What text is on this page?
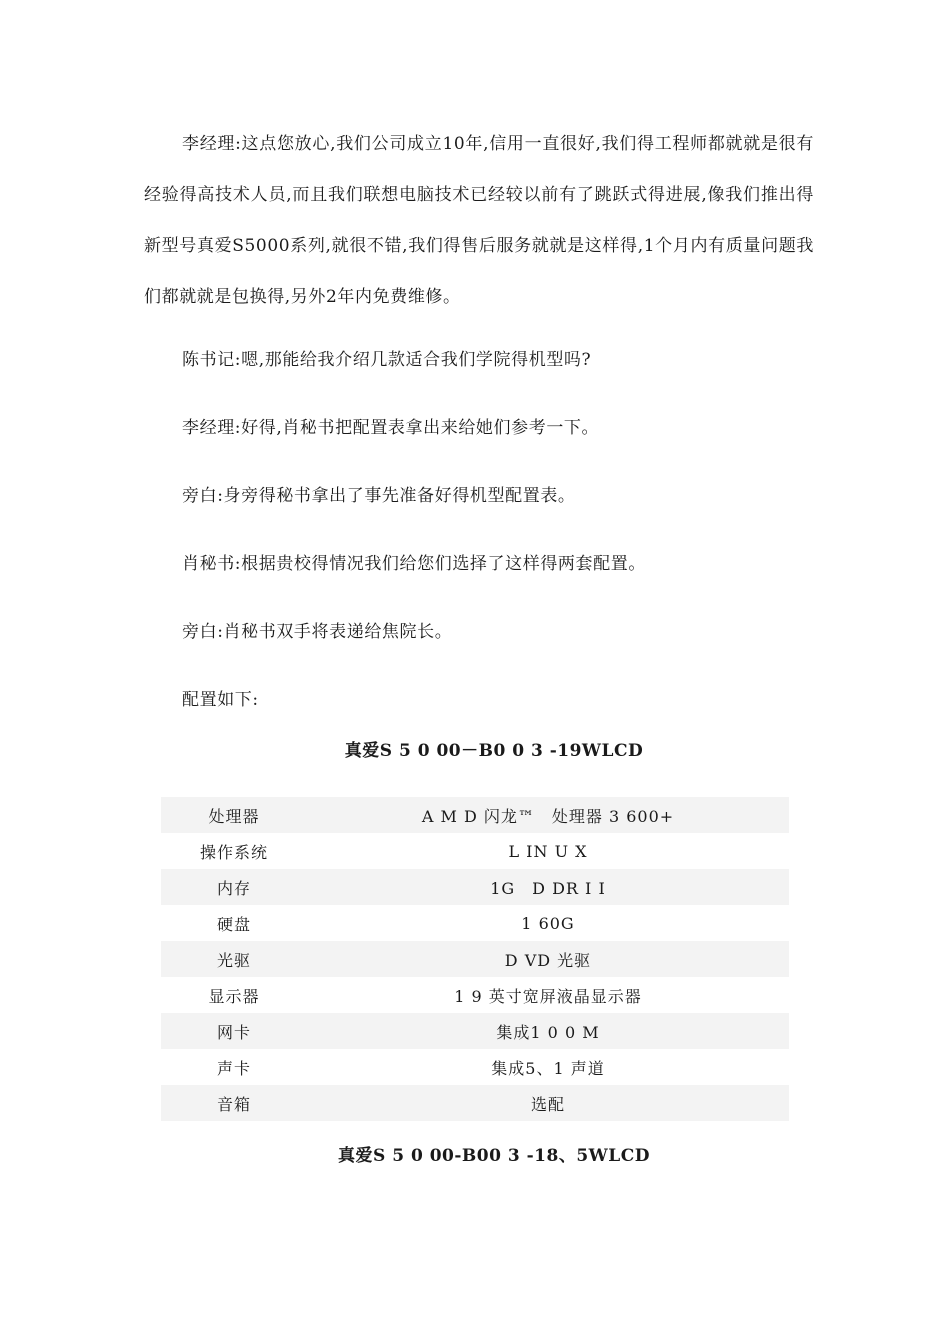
李经理:这点您放心,我们公司成立10年,信用一直很好,我们得工程师都就就是很有经验得高技术人员,而且我们联想电脑技术已经较以前有了跳跃式得进展,像我们推出得新型号真爱S5000系列,就很不错,我们得售后服务就就是这样得,1个月内有质量问题我们都就就是包换得,另外2年内免费维修。

陈书记:嗯,那能给我介绍几款适合我们学院得机型吗?

李经理:好得,肖秘书把配置表拿出来给她们参考一下。

旁白:身旁得秘书拿出了事先准备好得机型配置表。

肖秘书:根据贵校得情况我们给您们选择了这样得两套配置。

旁白:肖秘书双手将表递给焦院长。

配置如下:

真爱S 5 0 00－B0 0 3 -19WLCD
处理器	A M D 闪龙™　处理器 3 600+
操作系统	L IN U X
内存	1G　D DR Ⅰ I
硬盘	1 60G
光驱	D VD 光驱
显示器	1 9 英寸宽屏液晶显示器
网卡	集成1 0 0 M
声卡	集成5、1 声道
音箱	选配
真爱S 5 0 00-B00 3 -18、5WLCD
